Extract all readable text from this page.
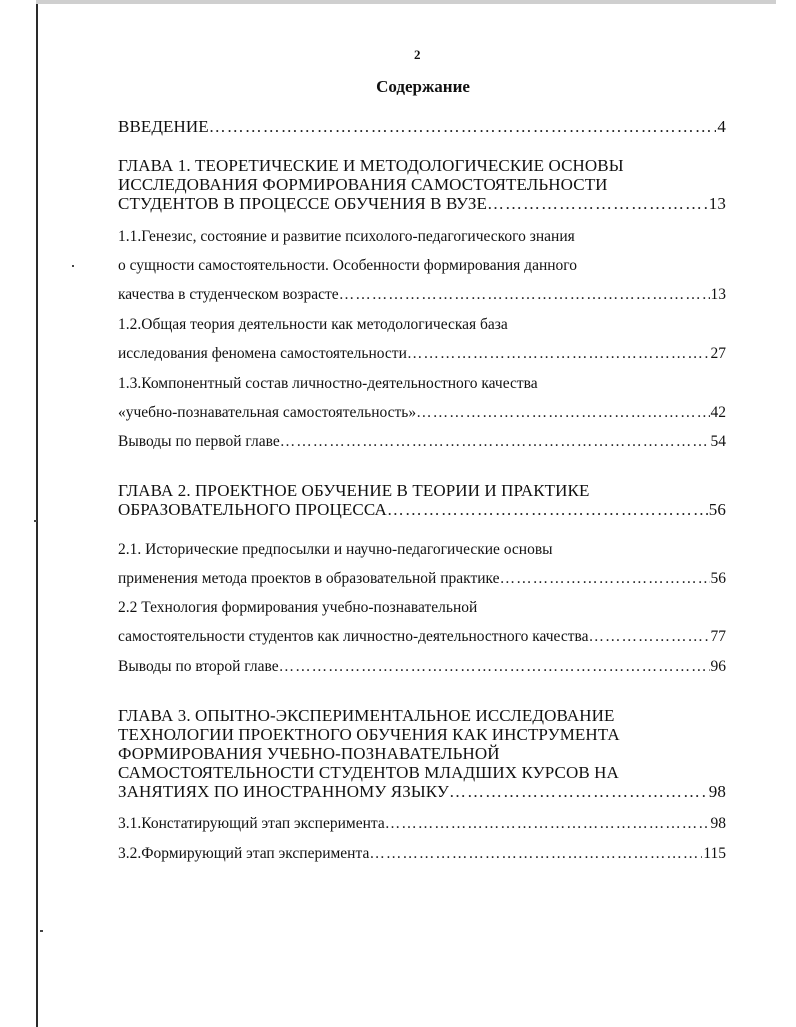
2
Содержание
ВВЕДЕНИЕ …………………………………………………………………………………………………………………………………………	4
ГЛАВА 1. ТЕОРЕТИЧЕСКИЕ И МЕТОДОЛОГИЧЕСКИЕ ОСНОВЫ
ИССЛЕДОВАНИЯ ФОРМИРОВАНИЯ САМОСТОЯТЕЛЬНОСТИ
СТУДЕНТОВ В ПРОЦЕССЕ ОБУЧЕНИЯ В ВУЗЕ …………………………………………………………………………………………………………………………………………	13
1.1.Генезис, состояние и развитие психолого-педагогического знания
о сущности самостоятельности. Особенности формирования данного
качества в студенческом возрасте …………………………………………………………………………………………………………………………………………	13
1.2.Общая теория деятельности как методологическая база
исследования феномена самостоятельности …………………………………………………………………………………………………………………………………………	27
1.3.Компонентный состав личностно-деятельностного качества
«учебно-познавательная самостоятельность» …………………………………………………………………………………………………………………………………………	42
Выводы по первой главе …………………………………………………………………………………………………………………………………………	54
ГЛАВА 2. ПРОЕКТНОЕ ОБУЧЕНИЕ В ТЕОРИИ И ПРАКТИКЕ
ОБРАЗОВАТЕЛЬНОГО ПРОЦЕССА …………………………………………………………………………………………………………………………………………	56
2.1. Исторические предпосылки и научно-педагогические основы
применения метода проектов в образовательной практике …………………………………………………………………………………………………………………………………………	56
2.2 Технология формирования учебно-познавательной
самостоятельности студентов как личностно-деятельностного качества …………………………………………………………………………………………………………………………………………	77
Выводы по второй главе …………………………………………………………………………………………………………………………………………	96
ГЛАВА 3. ОПЫТНО-ЭКСПЕРИМЕНТАЛЬНОЕ ИССЛЕДОВАНИЕ
ТЕХНОЛОГИИ ПРОЕКТНОГО ОБУЧЕНИЯ КАК ИНСТРУМЕНТА
ФОРМИРОВАНИЯ УЧЕБНО-ПОЗНАВАТЕЛЬНОЙ
САМОСТОЯТЕЛЬНОСТИ СТУДЕНТОВ МЛАДШИХ КУРСОВ НА
ЗАНЯТИЯХ ПО ИНОСТРАННОМУ ЯЗЫКУ …………………………………………………………………………………………………………………………………………	98
3.1.Констатирующий этап эксперимента …………………………………………………………………………………………………………………………………………	98
3.2.Формирующий этап эксперимента …………………………………………………………………………………………………………………………………………	115
